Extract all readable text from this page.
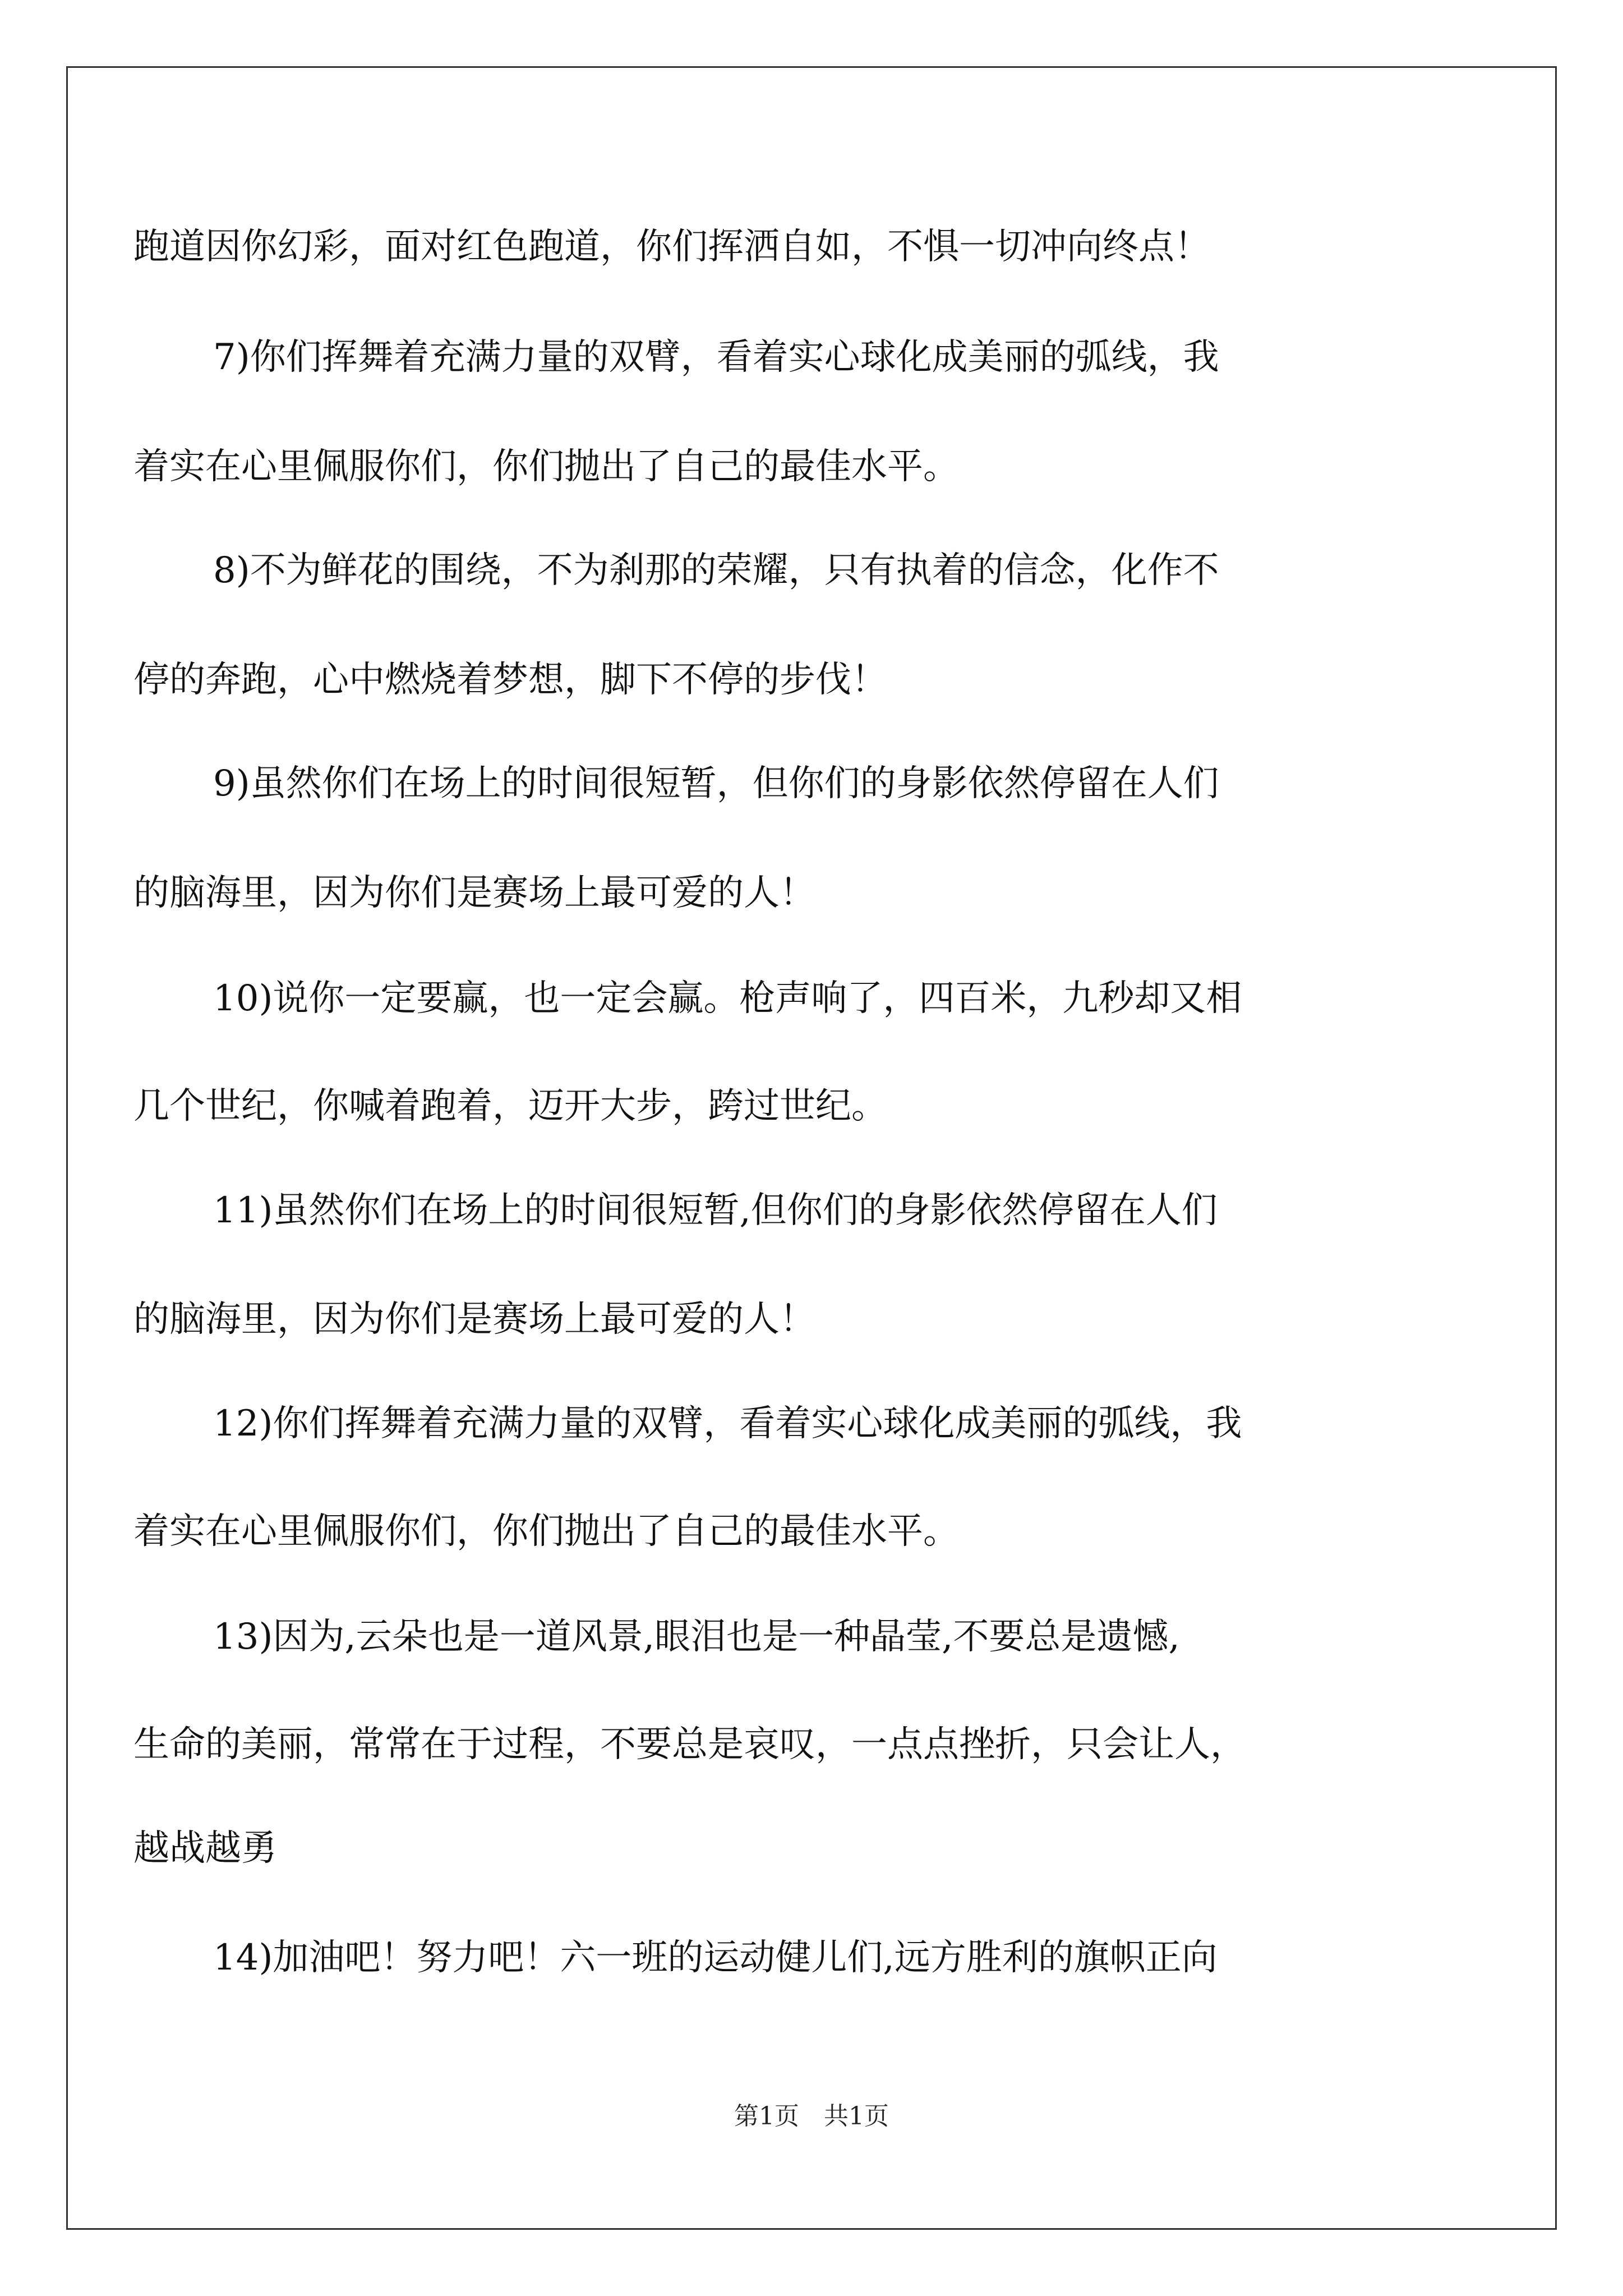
跑道因你幻彩，面对红色跑道，你们挥洒自如，不惧一切冲向终点！
7)你们挥舞着充满力量的双臂，看着实心球化成美丽的弧线，我
着实在心里佩服你们，你们抛出了自己的最佳水平。
8)不为鲜花的围绕，不为刹那的荣耀，只有执着的信念，化作不
停的奔跑，心中燃烧着梦想，脚下不停的步伐！
9)虽然你们在场上的时间很短暂，但你们的身影依然停留在人们
的脑海里，因为你们是赛场上最可爱的人！
10)说你一定要赢，也一定会赢。枪声响了，四百米，九秒却又相
几个世纪，你喊着跑着，迈开大步，跨过世纪。
11)虽然你们在场上的时间很短暂,但你们的身影依然停留在人们
的脑海里，因为你们是赛场上最可爱的人！
12)你们挥舞着充满力量的双臂，看着实心球化成美丽的弧线，我
着实在心里佩服你们，你们抛出了自己的最佳水平。
13)因为,云朵也是一道风景,眼泪也是一种晶莹,不要总是遗憾,
生命的美丽，常常在于过程，不要总是哀叹，一点点挫折，只会让人，
越战越勇
14)加油吧！努力吧！六一班的运动健儿们,远方胜利的旗帜正向
第1页　共1页
